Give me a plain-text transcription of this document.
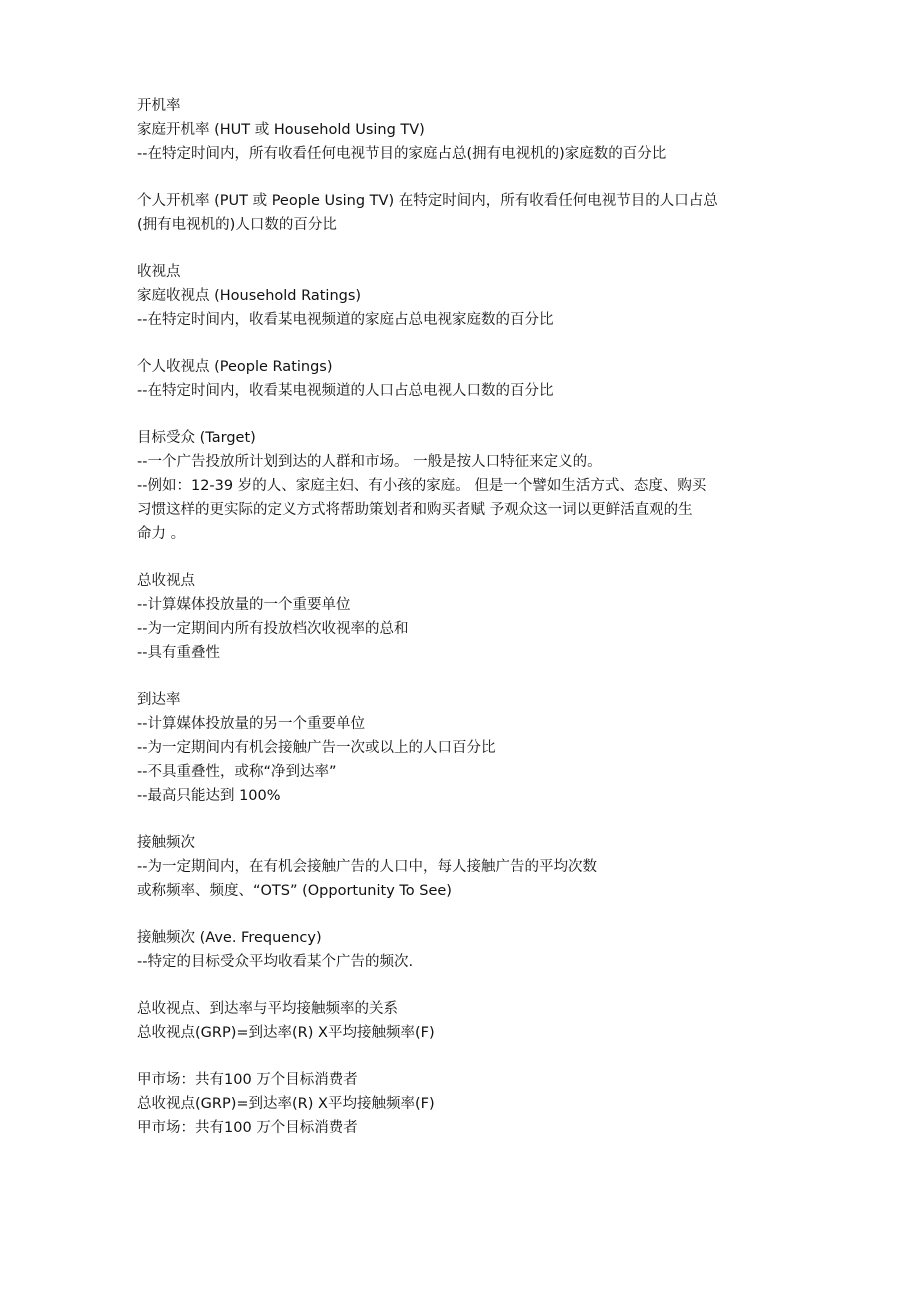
开机率
家庭开机率 (HUT 或 Household Using TV)
--在特定时间内，所有收看任何电视节目的家庭占总(拥有电视机的)家庭数的百分比
个人开机率 (PUT 或 People Using TV) 在特定时间内，所有收看任何电视节目的人口占总
(拥有电视机的)人口数的百分比
收视点
家庭收视点 (Household Ratings)
--在特定时间内，收看某电视频道的家庭占总电视家庭数的百分比
个人收视点 (People Ratings)
--在特定时间内，收看某电视频道的人口占总电视人口数的百分比
目标受众 (Target)
--一个广告投放所计划到达的人群和市场。 一般是按人口特征来定义的。
--例如：12-39 岁的人、家庭主妇、有小孩的家庭。 但是一个譬如生活方式、态度、购买
习惯这样的更实际的定义方式将帮助策划者和购买者赋 予观众这一词以更鲜活直观的生
命力 。
总收视点
--计算媒体投放量的一个重要单位
--为一定期间内所有投放档次收视率的总和
--具有重叠性
到达率
--计算媒体投放量的另一个重要单位
--为一定期间内有机会接触广告一次或以上的人口百分比
--不具重叠性，或称“净到达率”
--最高只能达到 100%
接触频次
--为一定期间内，在有机会接触广告的人口中，每人接触广告的平均次数
或称频率、频度、“OTS” (Opportunity To See)
接触频次 (Ave. Frequency)
--特定的目标受众平均收看某个广告的频次.
总收视点、到达率与平均接触频率的关系
总收视点(GRP)=到达率(R) X平均接触频率(F)
甲市场：共有100 万个目标消费者
总收视点(GRP)=到达率(R) X平均接触频率(F)
甲市场：共有100 万个目标消费者
